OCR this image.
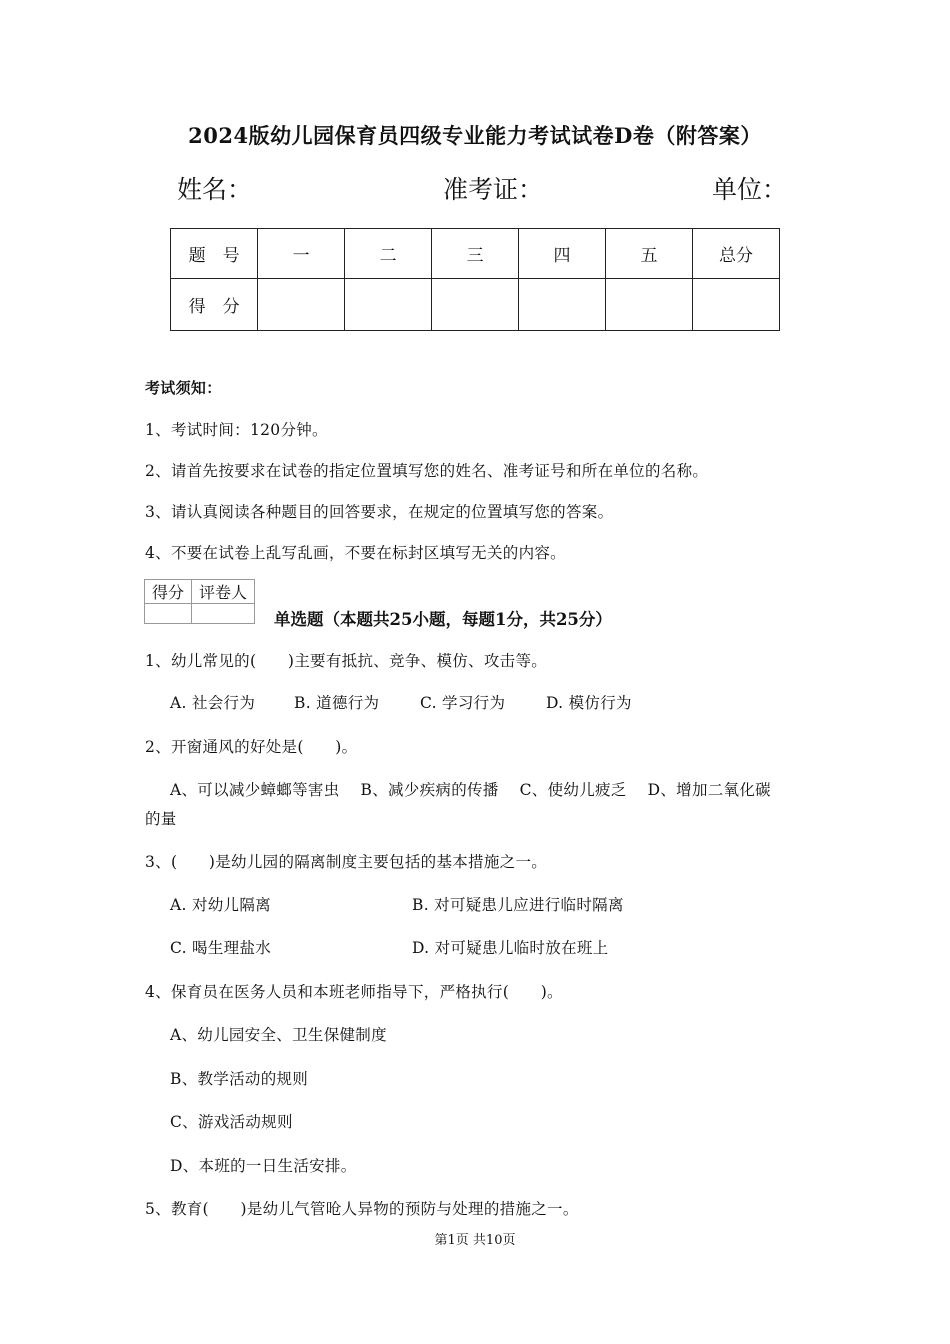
2024版幼儿园保育员四级专业能力考试试卷D卷（附答案）
姓名：	准考证：	单位：
题　号	一	二	三	四	五	总分
得　分						
考试须知：
1、考试时间：120分钟。
2、请首先按要求在试卷的指定位置填写您的姓名、准考证号和所在单位的名称。
3、请认真阅读各种题目的回答要求，在规定的位置填写您的答案。
4、不要在试卷上乱写乱画，不要在标封区填写无关的内容。
得分	评卷人

单选题（本题共25小题，每题1分，共25分）
1、幼儿常见的(　　)主要有抵抗、竞争、模仿、攻击等。
A. 社会行为	B. 道德行为	C. 学习行为	D. 模仿行为
2、开窗通风的好处是(　　)。
A、可以减少蟑螂等害虫　 B、减少疾病的传播　 C、使幼儿疲乏　 D、增加二氧化碳
的量
3、(　　)是幼儿园的隔离制度主要包括的基本措施之一。
A. 对幼儿隔离	B. 对可疑患儿应进行临时隔离
C. 喝生理盐水	D. 对可疑患儿临时放在班上
4、保育员在医务人员和本班老师指导下，严格执行(　　)。
A、幼儿园安全、卫生保健制度
B、教学活动的规则
C、游戏活动规则
D、本班的一日生活安排。
5、教育(　　)是幼儿气管呛人异物的预防与处理的措施之一。
第1页 共10页
